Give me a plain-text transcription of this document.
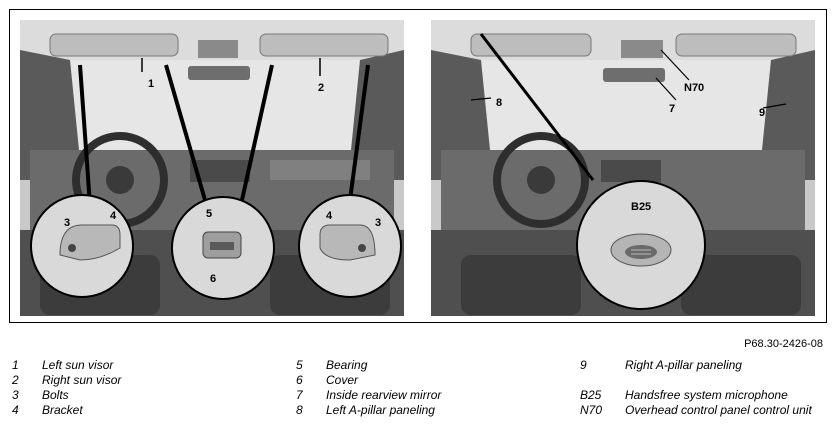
1	2
3
4	5
6
4
3
8
9
N70
7
B25
P68.30-2426-08
1 Left sun visor
2 Right sun visor
3 Bolts
4 Bracket
5 Bearing
6 Cover
7 Inside rearview mirror
8 Left A-pillar paneling
9	Right A-pillar paneling
B25 Handsfree system microphone
N70 Overhead control panel control unit
